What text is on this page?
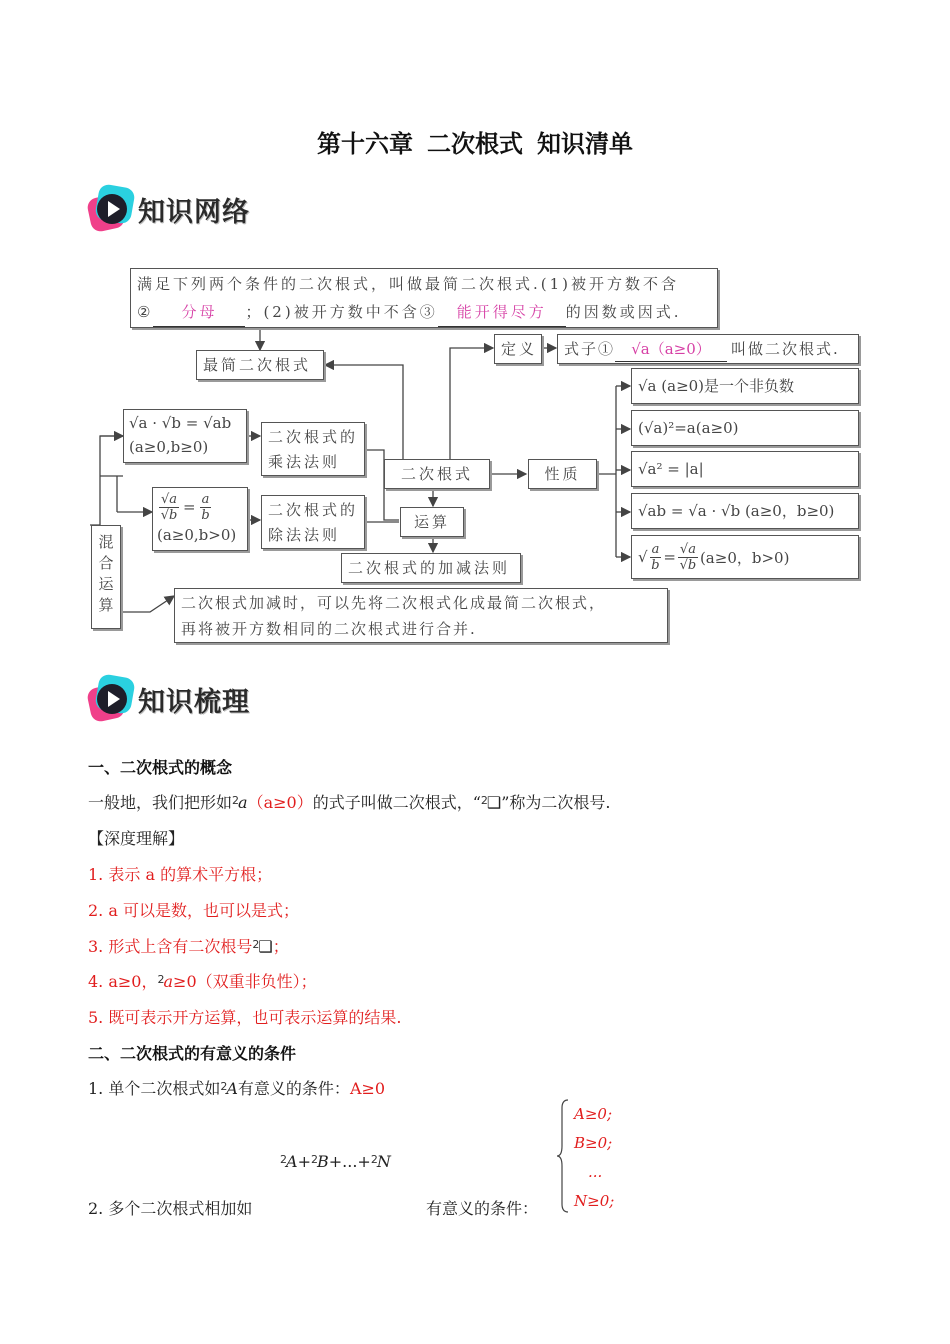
第十六章 二次根式 知识清单
知识网络
满足下列两个条件的二次根式，叫做最简二次根式.(1)被开方数不含
② 分母 ；(2)被开方数中不含③ 能开得尽方 的因数或因式.
最简二次根式
定义	式子① √a（a≥0） 叫做二次根式.
√a · √b = √ab
(a≥0,b≥0)
二次根式的
乘法法则
$\frac{√a}{√b} = \frac{a}{b}$
(a≥0,b>0)
二次根式的
除法法则
二次根式	性质
运算
二次根式的加减法则
混
合
运
算	二次根式加减时，可以先将二次根式化成最简二次根式，
再将被开方数相同的二次根式进行合并.
√a (a≥0)是一个非负数
(√a)²=a(a≥0)
√a² = |a|
√ab = √a · √b (a≥0，b≥0)
√ $\frac{a}{b} = \frac{√a}{√b} (a\ge 0$，b>0)
知识梳理
一、二次根式的概念
一般地，我们把形如$^2$a（a≥0）的式子叫做二次根式，“$^2$❑”称为二次根号.
【深度理解】
1. 表示 a 的算术平方根；
2. a 可以是数，也可以是式；
3. 形式上含有二次根号$^2$❑；
4. a≥0，$^2$a≥0（双重非负性）；
5. 既可表示开方运算，也可表示运算的结果.
二、二次根式的有意义的条件
1. 单个二次根式如$^2$A有意义的条件：A≥0
$^2$A+$^2$B+...+$^2$N
2. 多个二次根式相加如	有意义的条件：
A≥0;
B≥0;
...
N≥0;
